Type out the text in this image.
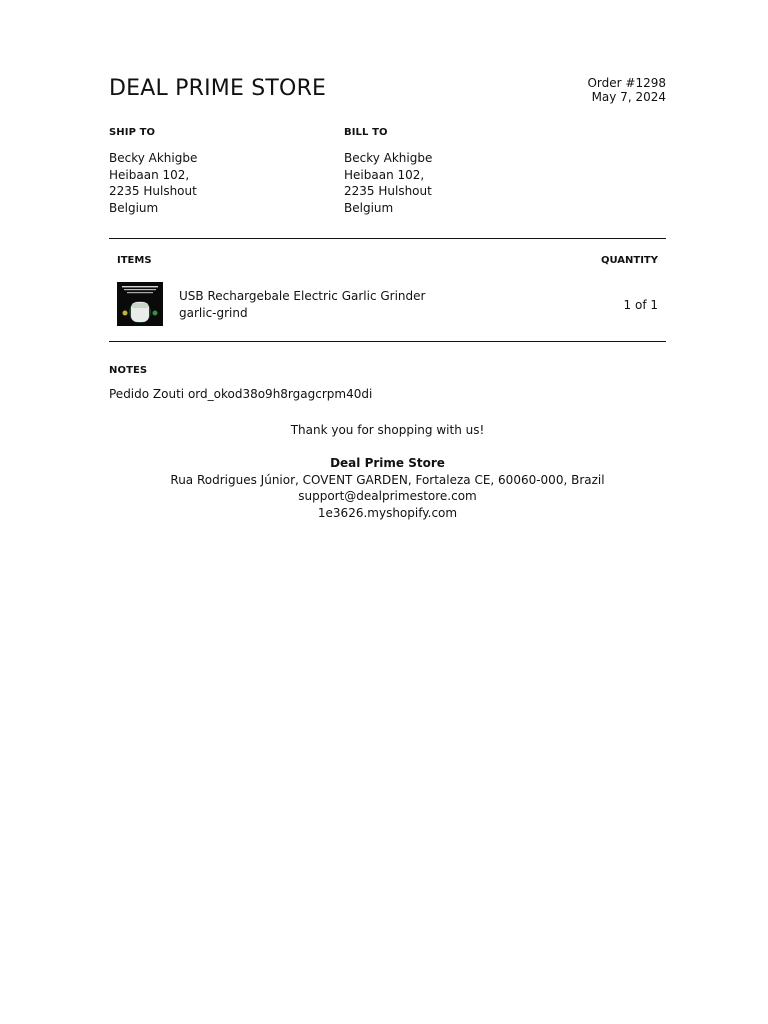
DEAL PRIME STORE	Order #1298
May 7, 2024
SHIP TO
Becky Akhigbe
Heibaan 102,
2235 Hulshout
Belgium
BILL TO
Becky Akhigbe
Heibaan 102,
2235 Hulshout
Belgium
ITEMS	QUANTITY
USB Rechargebale Electric Garlic Grinder
garlic-grind
1 of 1
NOTES
Pedido Zouti ord_okod38o9h8rgagcrpm40di
Thank you for shopping with us!
Deal Prime Store
Rua Rodrigues Júnior, COVENT GARDEN, Fortaleza CE, 60060-000, Brazil
support@dealprimestore.com
1e3626.myshopify.com
